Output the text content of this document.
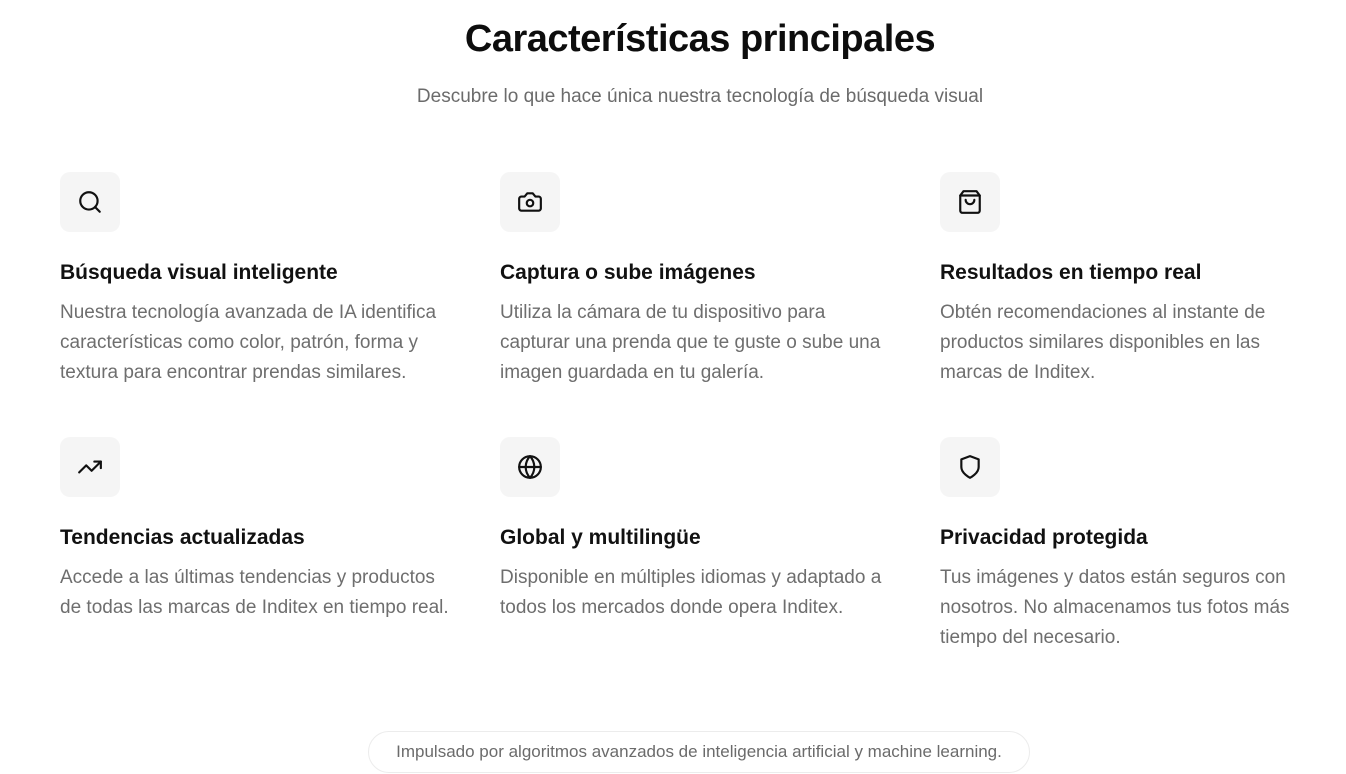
Características principales

Descubre lo que hace única nuestra tecnología de búsqueda visual

Búsqueda visual inteligente

Nuestra tecnología avanzada de IA identifica características como color, patrón, forma y textura para encontrar prendas similares.

Captura o sube imágenes

Utiliza la cámara de tu dispositivo para capturar una prenda que te guste o sube una imagen guardada en tu galería.

Resultados en tiempo real

Obtén recomendaciones al instante de productos similares disponibles en las marcas de Inditex.

Tendencias actualizadas

Accede a las últimas tendencias y productos de todas las marcas de Inditex en tiempo real.

Global y multilingüe

Disponible en múltiples idiomas y adaptado a todos los mercados donde opera Inditex.

Privacidad protegida

Tus imágenes y datos están seguros con nosotros. No almacenamos tus fotos más tiempo del necesario.

Impulsado por algoritmos avanzados de inteligencia artificial y machine learning.
